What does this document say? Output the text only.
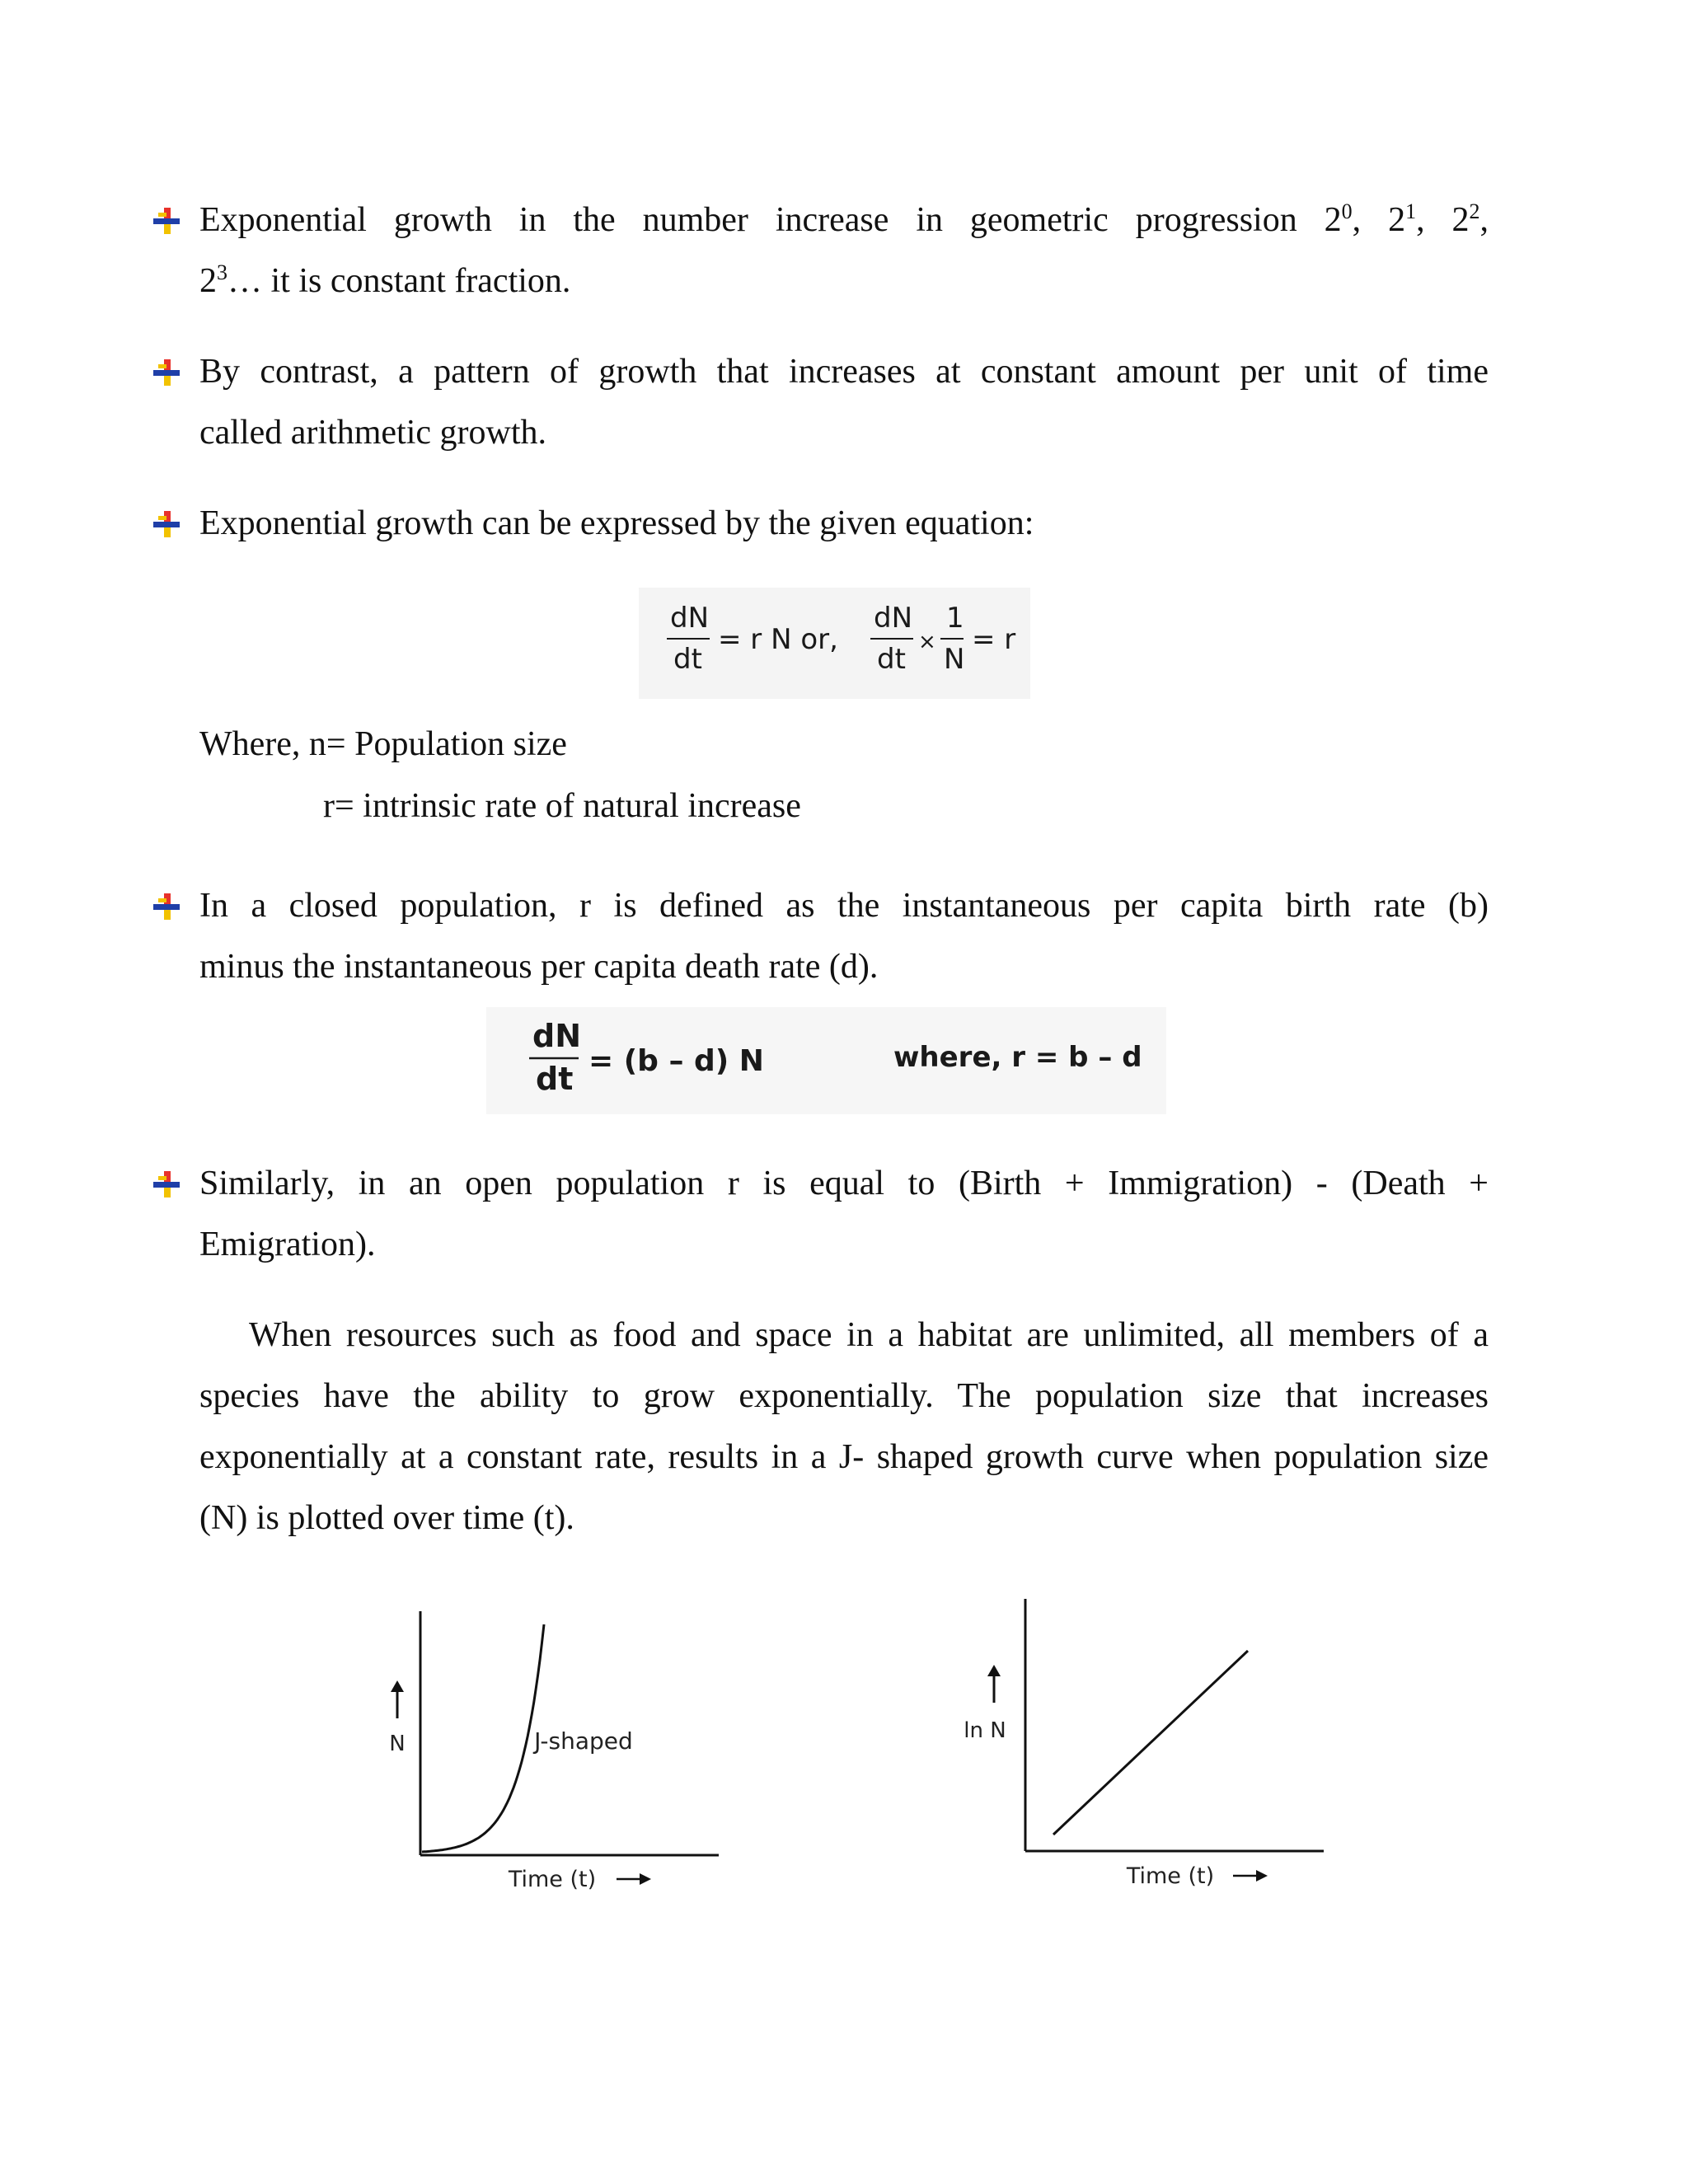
Exponential growth in the number increase in geometric progression $2^0$, $2^1$, $2^2$,
$2^3\dots$ it is constant fraction.
By contrast, a pattern of growth that increases at constant amount per unit of time
called arithmetic growth.
Exponential growth can be expressed by the given equation:
dN
dt
= r N or,
dN
dt
×
1
N
= r
Where, n= Population size
r= intrinsic rate of natural increase
In a closed population, r is defined as the instantaneous per capita birth rate (b)
minus the instantaneous per capita death rate (d).
dN
dt = (b – d) N	where, r = b – d
Similarly, in an open population r is equal to (Birth + Immigration) - (Death +
Emigration).
When resources such as food and space in a habitat are unlimited, all members of a
species have the ability to grow exponentially. The population size that increases
exponentially at a constant rate, results in a J- shaped growth curve when population size
(N) is plotted over time (t).
N	J-shaped
Time (t)
ln N
Time (t)
